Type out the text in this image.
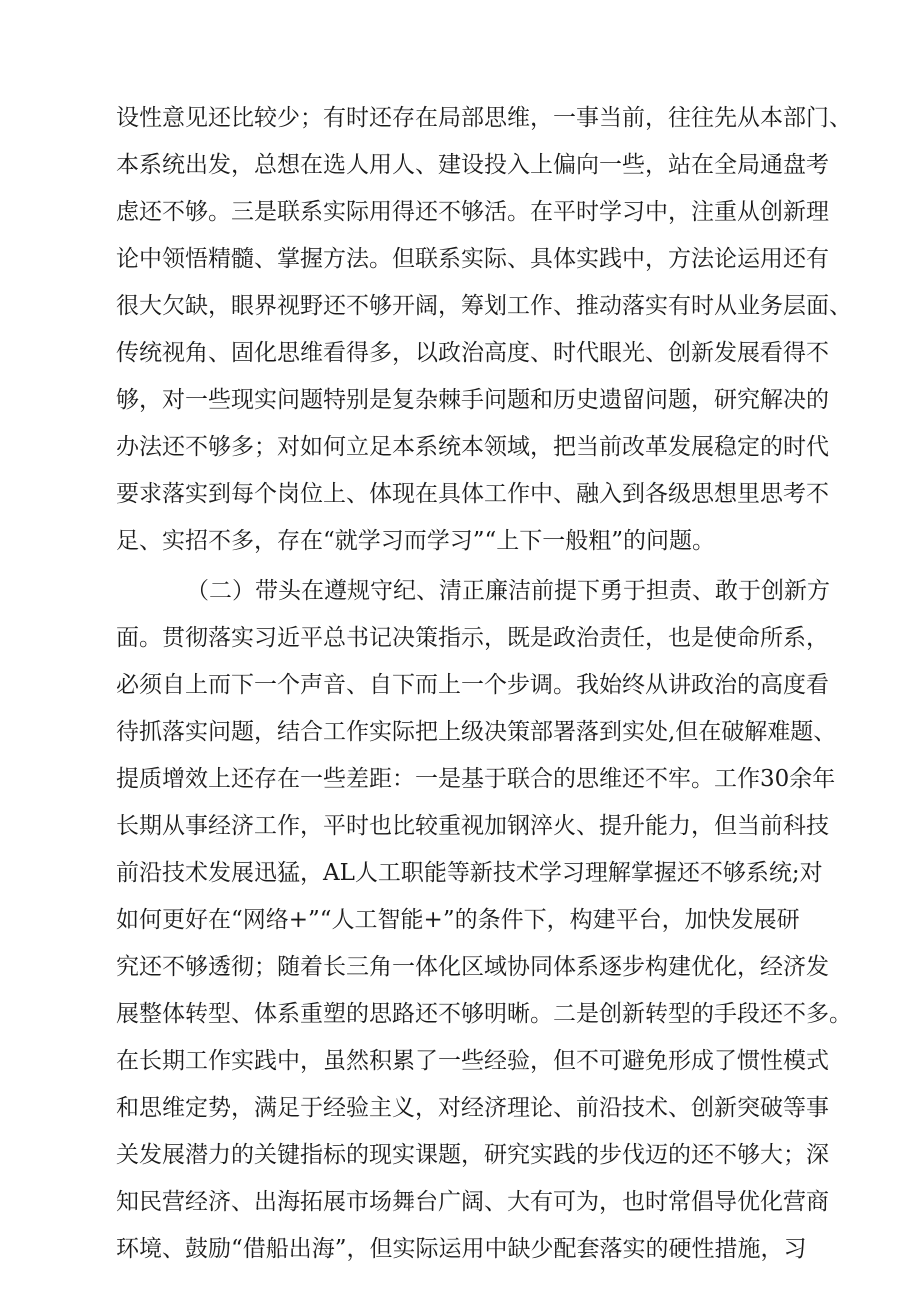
设性意见还比较少；有时还存在局部思维，一事当前，往往先从本部门、
本系统出发，总想在选人用人、建设投入上偏向一些，站在全局通盘考
虑还不够。三是联系实际用得还不够活。在平时学习中，注重从创新理
论中领悟精髓、掌握方法。但联系实际、具体实践中，方法论运用还有
很大欠缺，眼界视野还不够开阔，筹划工作、推动落实有时从业务层面、
传统视角、固化思维看得多，以政治高度、时代眼光、创新发展看得不
够，对一些现实问题特别是复杂棘手问题和历史遗留问题，研究解决的
办法还不够多；对如何立足本系统本领域，把当前改革发展稳定的时代
要求落实到每个岗位上、体现在具体工作中、融入到各级思想里思考不
足、实招不多，存在“就学习而学习”“上下一般粗”的问题。
（二）带头在遵规守纪、清正廉洁前提下勇于担责、敢于创新方
面。贯彻落实习近平总书记决策指示，既是政治责任，也是使命所系，
必须自上而下一个声音、自下而上一个步调。我始终从讲政治的高度看
待抓落实问题，结合工作实际把上级决策部署落到实处,但在破解难题、
提质增效上还存在一些差距：一是基于联合的思维还不牢。工作30余年
长期从事经济工作，平时也比较重视加钢淬火、提升能力，但当前科技
前沿技术发展迅猛，AL人工职能等新技术学习理解掌握还不够系统;对
如何更好在“网络+”“人工智能+”的条件下，构建平台，加快发展研
究还不够透彻；随着长三角一体化区域协同体系逐步构建优化，经济发
展整体转型、体系重塑的思路还不够明晰。二是创新转型的手段还不多。
在长期工作实践中，虽然积累了一些经验，但不可避免形成了惯性模式
和思维定势，满足于经验主义，对经济理论、前沿技术、创新突破等事
关发展潜力的关键指标的现实课题，研究实践的步伐迈的还不够大；深
知民营经济、出海拓展市场舞台广阔、大有可为，也时常倡导优化营商
环境、鼓励“借船出海”，但实际运用中缺少配套落实的硬性措施，习
